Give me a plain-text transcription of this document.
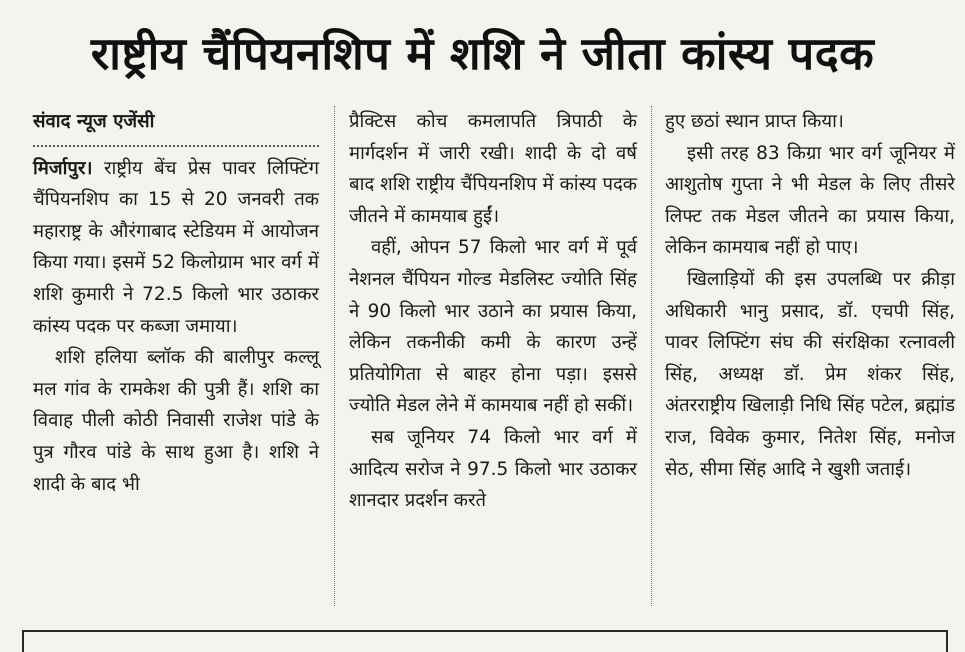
राष्ट्रीय चैंपियनशिप में शशि ने जीता कांस्य पदक

संवाद न्यूज एजेंसी

मिर्जापुर। राष्ट्रीय बेंच प्रेस पावर लिफ्टिंग चैंपियनशिप का 15 से 20 जनवरी तक महाराष्ट्र के औरंगाबाद स्टेडियम में आयोजन किया गया। इसमें 52 किलोग्राम भार वर्ग में शशि कुमारी ने 72.5 किलो भार उठाकर कांस्य पदक पर कब्जा जमाया।

शशि हलिया ब्लॉक की बालीपुर कल्लू मल गांव के रामकेश की पुत्री हैं। शशि का विवाह पीली कोठी निवासी राजेश पांडे के पुत्र गौरव पांडे के साथ हुआ है। शशि ने शादी के बाद भी

प्रैक्टिस कोच कमलापति त्रिपाठी के मार्गदर्शन में जारी रखी। शादी के दो वर्ष बाद शशि राष्ट्रीय चैंपियनशिप में कांस्य पदक जीतने में कामयाब हुईं।

वहीं, ओपन 57 किलो भार वर्ग में पूर्व नेशनल चैंपियन गोल्ड मेडलिस्ट ज्योति सिंह ने 90 किलो भार उठाने का प्रयास किया, लेकिन तकनीकी कमी के कारण उन्हें प्रतियोगिता से बाहर होना पड़ा। इससे ज्योति मेडल लेने में कामयाब नहीं हो सकीं।

सब जूनियर 74 किलो भार वर्ग में आदित्य सरोज ने 97.5 किलो भार उठाकर शानदार प्रदर्शन करते

हुए छठां स्थान प्राप्त किया।

इसी तरह 83 किग्रा भार वर्ग जूनियर में आशुतोष गुप्ता ने भी मेडल के लिए तीसरे लिफ्ट तक मेडल जीतने का प्रयास किया, लेकिन कामयाब नहीं हो पाए।

खिलाड़ियों की इस उपलब्धि पर क्रीड़ा अधिकारी भानु प्रसाद, डॉ. एचपी सिंह, पावर लिफ्टिंग संघ की संरक्षिका रत्नावली सिंह, अध्यक्ष डॉ. प्रेम शंकर सिंह, अंतरराष्ट्रीय खिलाड़ी निधि सिंह पटेल, ब्रह्मांड राज, विवेक कुमार, नितेश सिंह, मनोज सेठ, सीमा सिंह आदि ने खुशी जताई।
